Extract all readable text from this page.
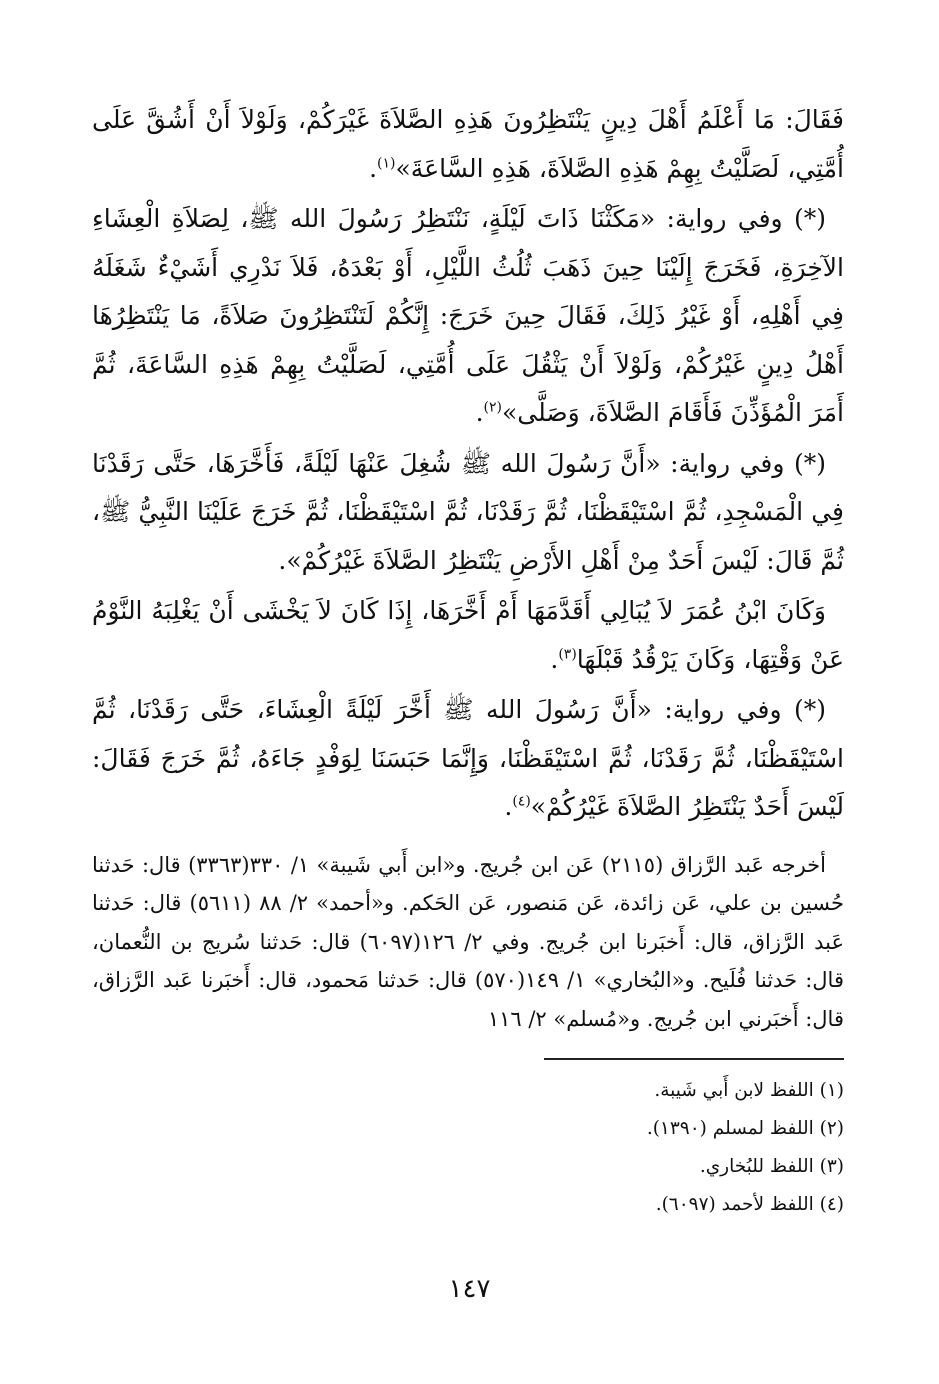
فَقَالَ: مَا أَعْلَمُ أَهْلَ دِينٍ يَنْتَظِرُونَ هَذِهِ الصَّلاَةَ غَيْرَكُمْ، وَلَوْلاَ أَنْ أَشُقَّ عَلَى أُمَّتِي، لَصَلَّيْتُ بِهِمْ هَذِهِ الصَّلاَةَ، هَذِهِ السَّاعَةَ»$^{(١)}$.

(*) وفي رواية: «مَكَثْنَا ذَاتَ لَيْلَةٍ، نَنْتَظِرُ رَسُولَ الله ﷺ، لِصَلاَةِ الْعِشَاءِ الآخِرَةِ، فَخَرَجَ إِلَيْنَا حِينَ ذَهَبَ ثُلُثُ اللَّيْلِ، أَوْ بَعْدَهُ، فَلاَ نَدْرِي أَشَيْءٌ شَغَلَهُ فِي أَهْلِهِ، أَوْ غَيْرُ ذَلِكَ، فَقَالَ حِينَ خَرَجَ: إِنَّكُمْ لَتَنْتَظِرُونَ صَلاَةً، مَا يَنْتَظِرُهَا أَهْلُ دِينٍ غَيْرُكُمْ، وَلَوْلاَ أَنْ يَثْقُلَ عَلَى أُمَّتِي، لَصَلَّيْتُ بِهِمْ هَذِهِ السَّاعَةَ، ثُمَّ أَمَرَ الْمُؤَذِّنَ فَأَقَامَ الصَّلاَةَ، وَصَلَّى»$^{(٢)}$.

(*) وفي رواية: «أَنَّ رَسُولَ الله ﷺ شُغِلَ عَنْهَا لَيْلَةً، فَأَخَّرَهَا، حَتَّى رَقَدْنَا فِي الْمَسْجِدِ، ثُمَّ اسْتَيْقَظْنَا، ثُمَّ رَقَدْنَا، ثُمَّ اسْتَيْقَظْنَا، ثُمَّ خَرَجَ عَلَيْنَا النَّبِيُّ ﷺ، ثُمَّ قَالَ: لَيْسَ أَحَدٌ مِنْ أَهْلِ الأَرْضِ يَنْتَظِرُ الصَّلاَةَ غَيْرُكُمْ».

وَكَانَ ابْنُ عُمَرَ لاَ يُبَالِي أَقَدَّمَهَا أَمْ أَخَّرَهَا، إِذَا كَانَ لاَ يَخْشَى أَنْ يَغْلِبَهُ النَّوْمُ عَنْ وَقْتِهَا، وَكَانَ يَرْقُدُ قَبْلَهَا$^{(٣)}$.

(*) وفي رواية: «أَنَّ رَسُولَ الله ﷺ أَخَّرَ لَيْلَةً الْعِشَاءَ، حَتَّى رَقَدْنَا، ثُمَّ اسْتَيْقَظْنَا، ثُمَّ رَقَدْنَا، ثُمَّ اسْتَيْقَظْنَا، وَإِنَّمَا حَبَسَنَا لِوَفْدٍ جَاءَهُ، ثُمَّ خَرَجَ فَقَالَ: لَيْسَ أَحَدٌ يَنْتَظِرُ الصَّلاَةَ غَيْرُكُمْ»$^{(٤)}$.

أخرجه عَبد الرَّزاق (٢١١٥) عَن ابن جُريج. و«ابن أَبي شَيبة» ١/ ٣٣٠(٣٣٦٣) قال: حَدثنا حُسين بن علي، عَن زائدة، عَن مَنصور، عَن الحَكم. و«أحمد» ٢/ ٨٨ (٥٦١١) قال: حَدثنا عَبد الرَّزاق، قال: أَخبَرنا ابن جُريج. وفي ٢/ ١٢٦(٦٠٩٧) قال: حَدثنا سُريج بن النُّعمان، قال: حَدثنا فُلَيح. و«البُخاري» ١/ ١٤٩(٥٧٠) قال: حَدثنا مَحمود، قال: أَخبَرنا عَبد الرَّزاق، قال: أَخبَرني ابن جُريج. و«مُسلم» ٢/ ١١٦

(١) اللفظ لابن أَبي شَيبة.
(٢) اللفظ لمسلم (١٣٩٠).
(٣) اللفظ للبُخاري.
(٤) اللفظ لأحمد (٦٠٩٧).
١٤٧
